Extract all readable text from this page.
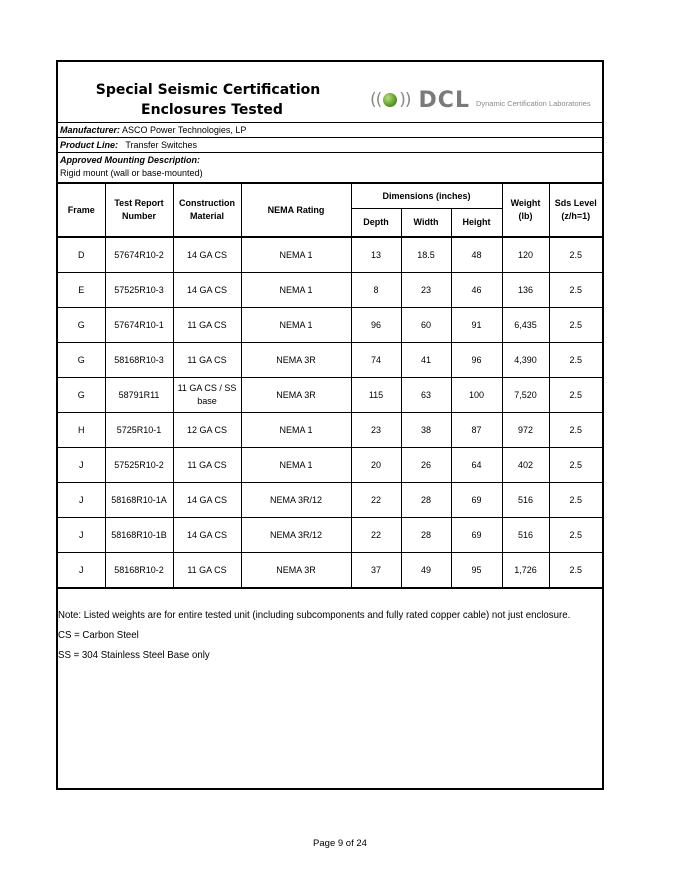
Special Seismic Certification
Enclosures Tested	(( )) DCL Dynamic Certification Laboratories
Manufacturer: ASCO Power Technologies, LP
Product Line: Transfer Switches
Approved Mounting Description:
Rigid mount (wall or base-mounted)
Frame	Test Report Number	Construction Material	NEMA Rating	Dimensions (inches)			Weight (lb)	Sds Level (z/h=1)
				Depth	Width	Height		
D	57674R10-2	14 GA CS	NEMA 1	13	18.5	48	120	2.5
E	57525R10-3	14 GA CS	NEMA 1	8	23	46	136	2.5
G	57674R10-1	11 GA CS	NEMA 1	96	60	91	6,435	2.5
G	58168R10-3	11 GA CS	NEMA 3R	74	41	96	4,390	2.5
G	58791R11	11 GA CS / SS base	NEMA 3R	115	63	100	7,520	2.5
H	5725R10-1	12 GA CS	NEMA 1	23	38	87	972	2.5
J	57525R10-2	11 GA CS	NEMA 1	20	26	64	402	2.5
J	58168R10-1A	14 GA CS	NEMA 3R/12	22	28	69	516	2.5
J	58168R10-1B	14 GA CS	NEMA 3R/12	22	28	69	516	2.5
J	58168R10-2	11 GA CS	NEMA 3R	37	49	95	1,726	2.5
Note: Listed weights are for entire tested unit (including subcomponents and fully rated copper cable) not just enclosure.
CS = Carbon Steel
SS = 304 Stainless Steel Base only
Page 9 of 24
